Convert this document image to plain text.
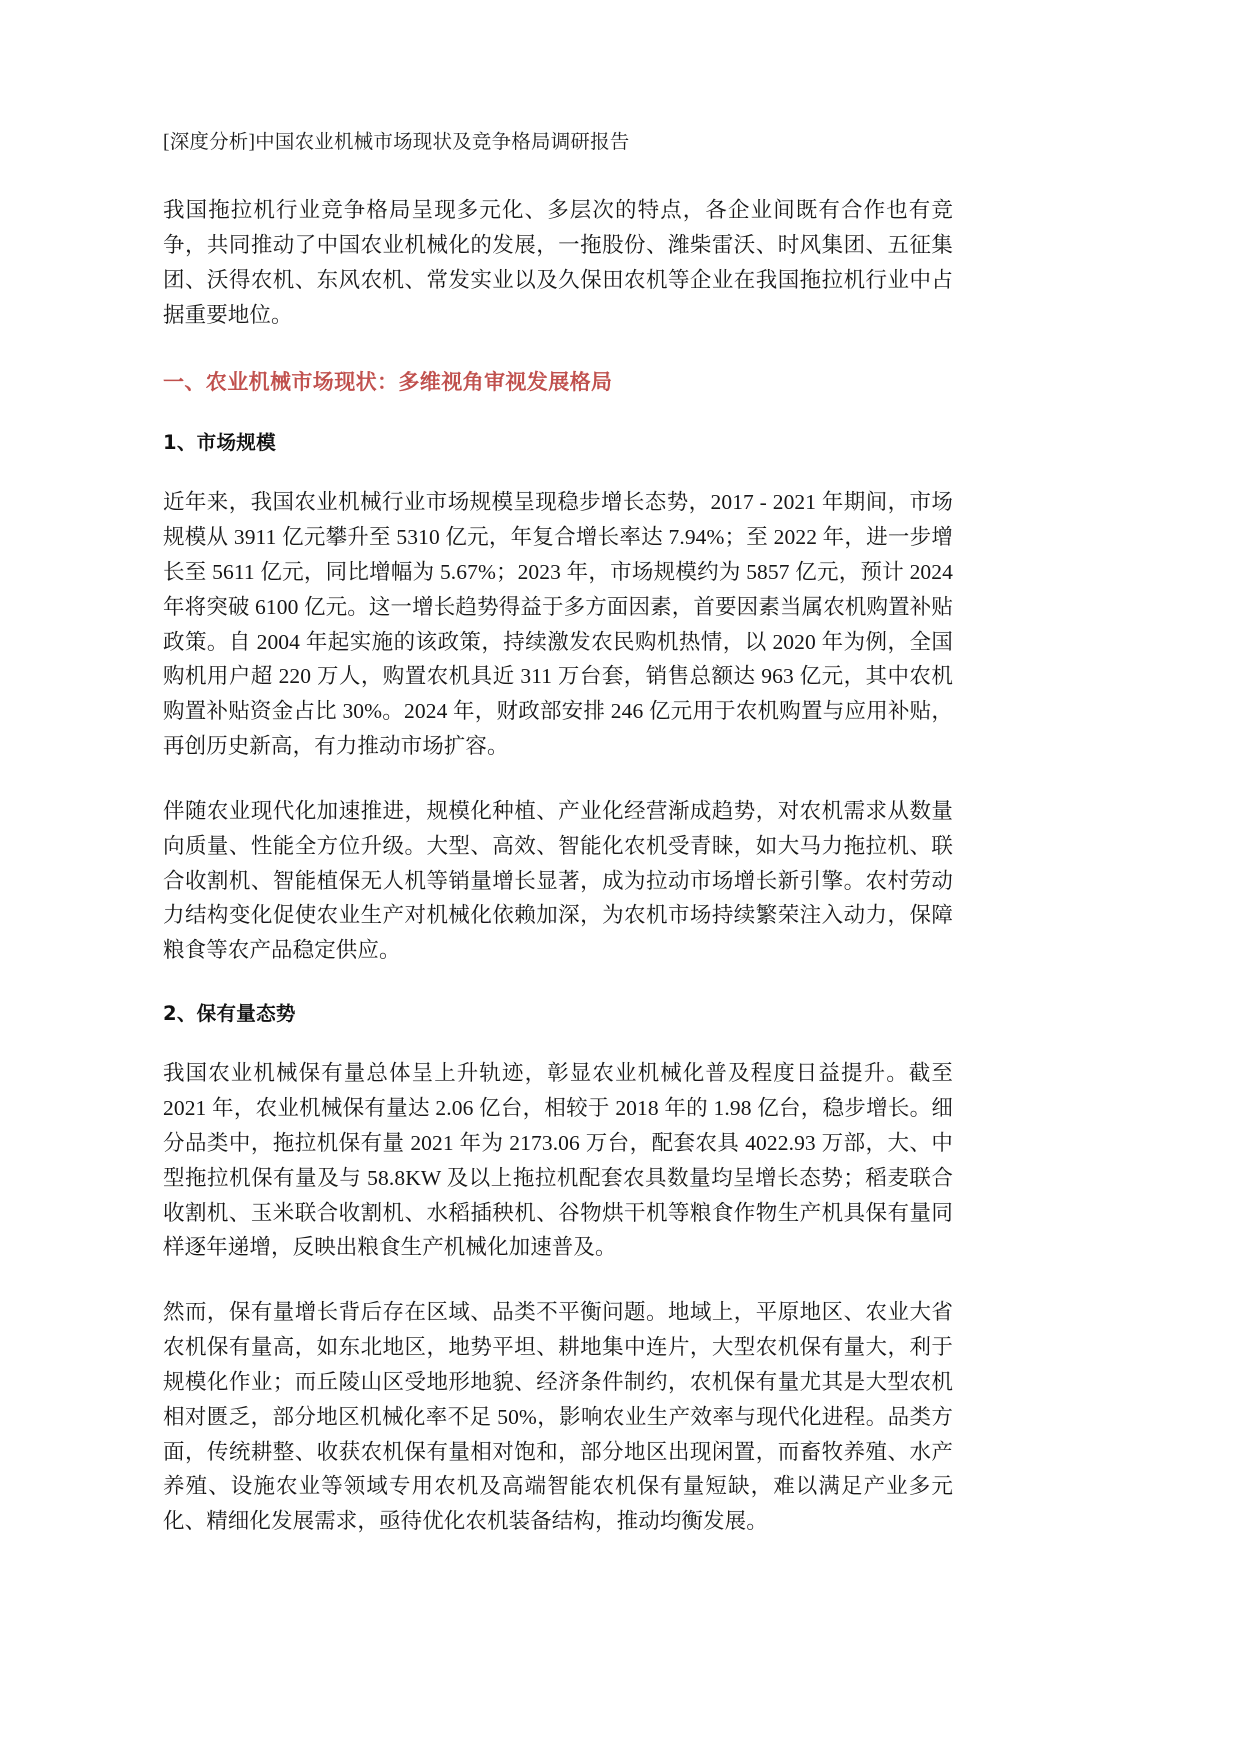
[深度分析]中国农业机械市场现状及竞争格局调研报告

我国拖拉机行业竞争格局呈现多元化、多层次的特点，各企业间既有合作也有竞争，共同推动了中国农业机械化的发展，一拖股份、潍柴雷沃、时风集团、五征集团、沃得农机、东风农机、常发实业以及久保田农机等企业在我国拖拉机行业中占据重要地位。

一、农业机械市场现状：多维视角审视发展格局
1、市场规模

近年来，我国农业机械行业市场规模呈现稳步增长态势，2017 - 2021 年期间，市场规模从 3911 亿元攀升至 5310 亿元，年复合增长率达 7.94%；至 2022 年，进一步增长至 5611 亿元，同比增幅为 5.67%；2023 年，市场规模约为 5857 亿元，预计 2024 年将突破 6100 亿元。这一增长趋势得益于多方面因素，首要因素当属农机购置补贴政策。自 2004 年起实施的该政策，持续激发农民购机热情，以 2020 年为例，全国购机用户超 220 万人，购置农机具近 311 万台套，销售总额达 963 亿元，其中农机购置补贴资金占比 30%。2024 年，财政部安排 246 亿元用于农机购置与应用补贴，再创历史新高，有力推动市场扩容。

伴随农业现代化加速推进，规模化种植、产业化经营渐成趋势，对农机需求从数量向质量、性能全方位升级。大型、高效、智能化农机受青睐，如大马力拖拉机、联合收割机、智能植保无人机等销量增长显著，成为拉动市场增长新引擎。农村劳动力结构变化促使农业生产对机械化依赖加深，为农机市场持续繁荣注入动力，保障粮食等农产品稳定供应。

2、保有量态势

我国农业机械保有量总体呈上升轨迹，彰显农业机械化普及程度日益提升。截至 2021 年，农业机械保有量达 2.06 亿台，相较于 2018 年的 1.98 亿台，稳步增长。细分品类中，拖拉机保有量 2021 年为 2173.06 万台，配套农具 4022.93 万部，大、中型拖拉机保有量及与 58.8KW 及以上拖拉机配套农具数量均呈增长态势；稻麦联合收割机、玉米联合收割机、水稻插秧机、谷物烘干机等粮食作物生产机具保有量同样逐年递增，反映出粮食生产机械化加速普及。

然而，保有量增长背后存在区域、品类不平衡问题。地域上，平原地区、农业大省农机保有量高，如东北地区，地势平坦、耕地集中连片，大型农机保有量大，利于规模化作业；而丘陵山区受地形地貌、经济条件制约，农机保有量尤其是大型农机相对匮乏，部分地区机械化率不足 50%，影响农业生产效率与现代化进程。品类方面，传统耕整、收获农机保有量相对饱和，部分地区出现闲置，而畜牧养殖、水产养殖、设施农业等领域专用农机及高端智能农机保有量短缺，难以满足产业多元化、精细化发展需求，亟待优化农机装备结构，推动均衡发展。
